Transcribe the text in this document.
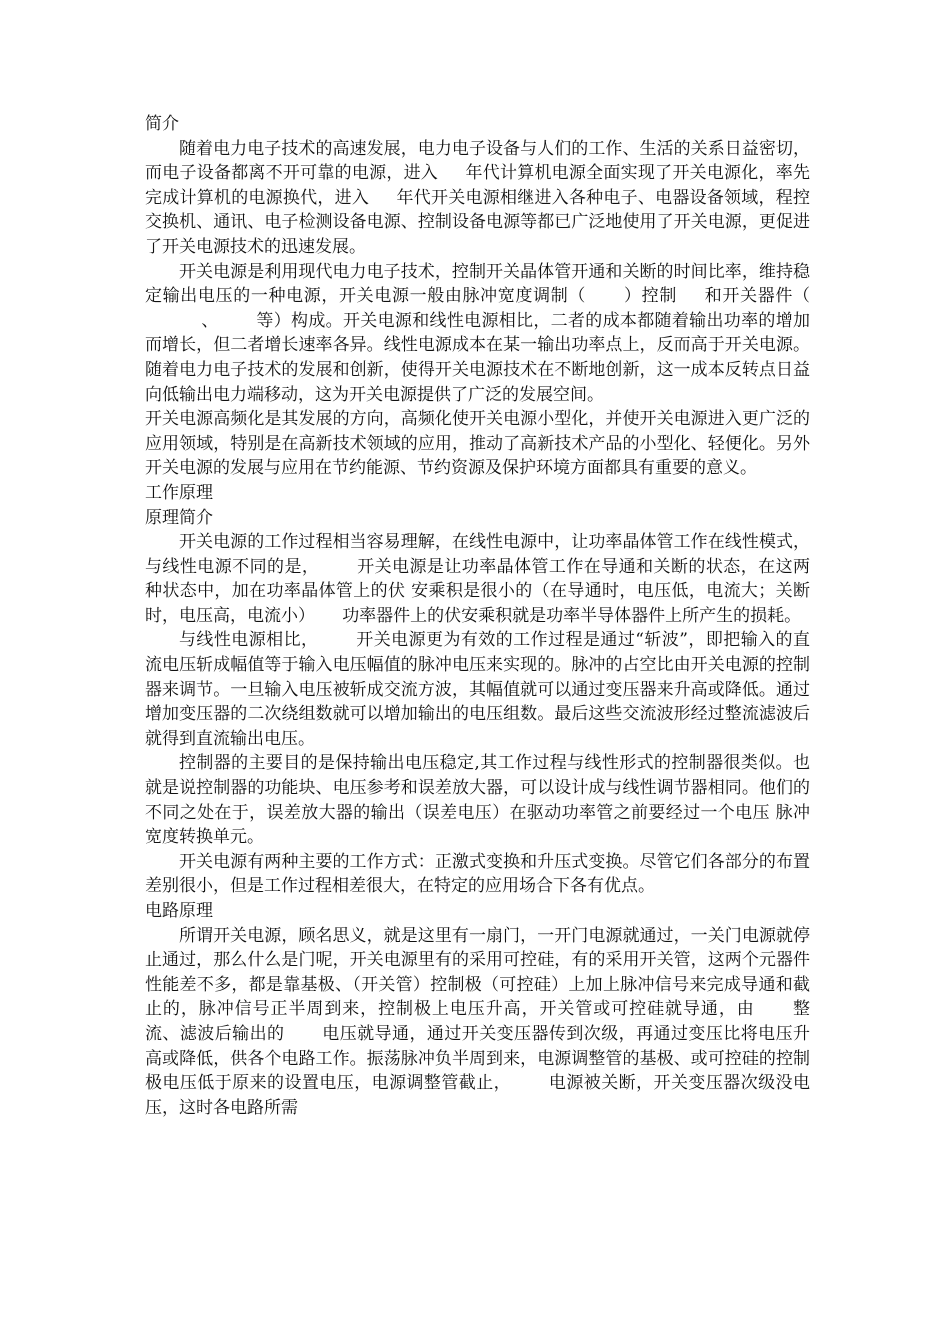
简介

随着电力电子技术的高速发展，电力电子设备与人们的工作、生活的关系日益密切，而电子设备都离不开可靠的电源，进入 年代计算机电源全面实现了开关电源化，率先完成计算机的电源换代，进入 年代开关电源相继进入各种电子、电器设备领域，程控交换机、通讯、电子检测设备电源、控制设备电源等都已广泛地使用了开关电源，更促进了开关电源技术的迅速发展。

开关电源是利用现代电力电子技术，控制开关晶体管开通和关断的时间比率，维持稳定输出电压的一种电源，开关电源一般由脉冲宽度调制（ ）控制 和开关器件（、 等）构成。开关电源和线性电源相比，二者的成本都随着输出功率的增加而增长，但二者增长速率各异。线性电源成本在某一输出功率点上，反而高于开关电源。随着电力电子技术的发展和创新，使得开关电源技术在不断地创新，这一成本反转点日益向低输出电力端移动，这为开关电源提供了广泛的发展空间。

开关电源高频化是其发展的方向，高频化使开关电源小型化，并使开关电源进入更广泛的应用领域，特别是在高新技术领域的应用，推动了高新技术产品的小型化、轻便化。另外开关电源的发展与应用在节约能源、节约资源及保护环境方面都具有重要的意义。

工作原理

原理简介

开关电源的工作过程相当容易理解，在线性电源中，让功率晶体管工作在线性模式，与线性电源不同的是， 开关电源是让功率晶体管工作在导通和关断的状态，在这两种状态中，加在功率晶体管上的伏 安乘积是很小的（在导通时，电压低，电流大；关断时，电压高，电流小） 功率器件上的伏安乘积就是功率半导体器件上所产生的损耗。

与线性电源相比， 开关电源更为有效的工作过程是通过“斩波”，即把输入的直流电压斩成幅值等于输入电压幅值的脉冲电压来实现的。脉冲的占空比由开关电源的控制器来调节。一旦输入电压被斩成交流方波，其幅值就可以通过变压器来升高或降低。通过增加变压器的二次绕组数就可以增加输出的电压组数。最后这些交流波形经过整流滤波后就得到直流输出电压。

控制器的主要目的是保持输出电压稳定,其工作过程与线性形式的控制器很类似。也就是说控制器的功能块、电压参考和误差放大器，可以设计成与线性调节器相同。他们的不同之处在于，误差放大器的输出（误差电压）在驱动功率管之前要经过一个电压 脉冲宽度转换单元。

开关电源有两种主要的工作方式：正激式变换和升压式变换。尽管它们各部分的布置差别很小，但是工作过程相差很大，在特定的应用场合下各有优点。

电路原理

所谓开关电源，顾名思义，就是这里有一扇门，一开门电源就通过，一关门电源就停止通过，那么什么是门呢，开关电源里有的采用可控硅，有的采用开关管，这两个元器件性能差不多，都是靠基极、（开关管）控制极（可控硅）上加上脉冲信号来完成导通和截止的，脉冲信号正半周到来，控制极上电压升高，开关管或可控硅就导通，由 整流、滤波后输出的 电压就导通，通过开关变压器传到次级，再通过变压比将电压升高或降低，供各个电路工作。振荡脉冲负半周到来，电源调整管的基极、或可控硅的控制极电压低于原来的设置电压，电源调整管截止， 电源被关断，开关变压器次级没电压，这时各电路所需
